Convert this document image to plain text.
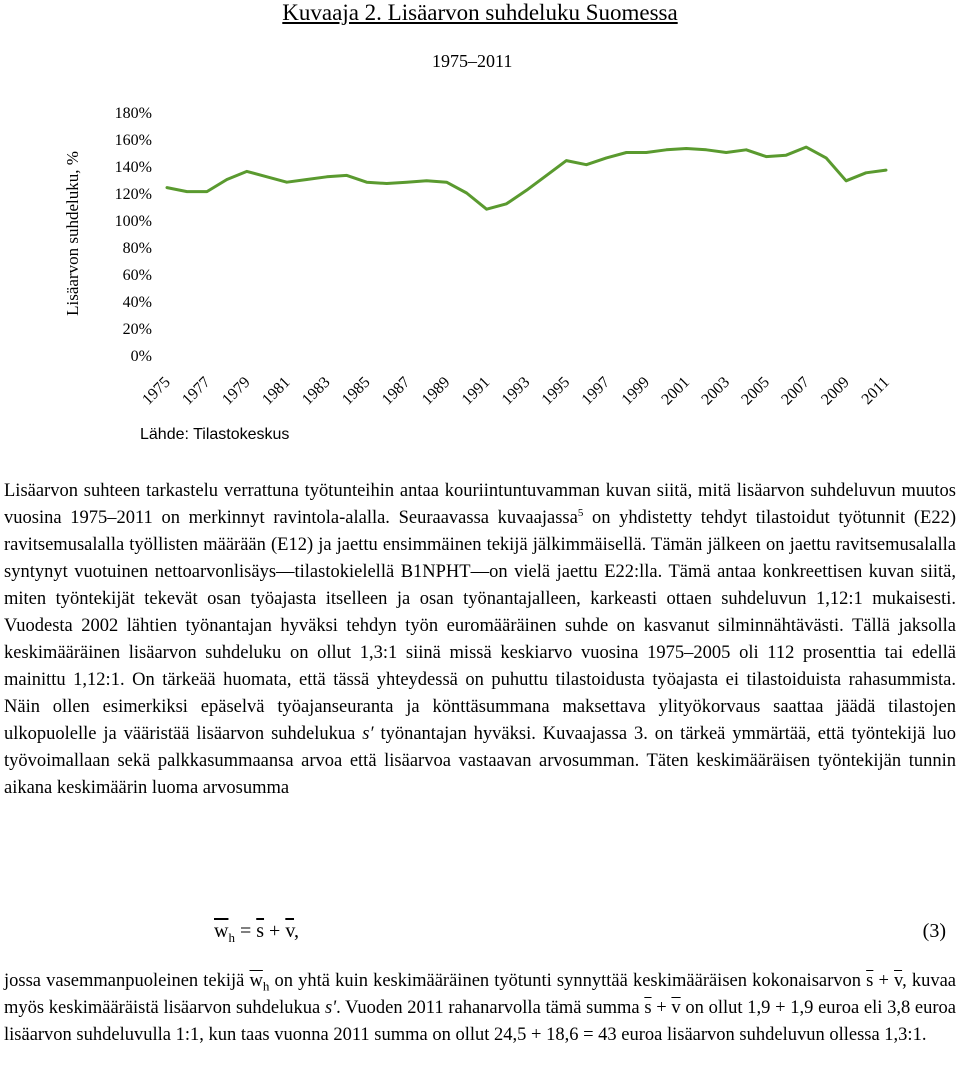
Kuvaaja 2. Lisäarvon suhdeluku Suomessa
1975–2011
0%
20%
40%
60%
80%
100%
120%
140%
160%
180%
Lisäarvon suhdeluku, %
1975 1977 1979 1981 1983 1985 1987 1989 1991 1993 1995 1997 1999 2001 2003 2005 2007 2009 2011
Lähde: Tilastokeskus

Lisäarvon suhteen tarkastelu verrattuna työtunteihin antaa kouriintuntuvamman kuvan siitä, mitä lisäarvon suhdeluvun muutos vuosina 1975–2011 on merkinnyt ravintola-alalla. Seuraavassa kuvaajassa$^5$ on yhdistetty tehdyt tilastoidut työtunnit (E22) ravitsemusalalla työllisten määrään (E12) ja jaettu ensimmäinen tekijä jälkimmäisellä. Tämän jälkeen on jaettu ravitsemusalalla syntynyt vuotuinen nettoarvonlisäys—tilastokielellä B1NPHT—on vielä jaettu E22:lla. Tämä antaa konkreettisen kuvan siitä, miten työntekijät tekevät osan työajasta itselleen ja osan työnantajalleen, karkeasti ottaen suhdeluvun 1,12:1 mukaisesti. Vuodesta 2002 lähtien työnantajan hyväksi tehdyn työn euromääräinen suhde on kasvanut silminnähtävästi. Tällä jaksolla keskimääräinen lisäarvon suhdeluku on ollut 1,3:1 siinä missä keskiarvo vuosina 1975–2005 oli 112 prosenttia tai edellä mainittu 1,12:1. On tärkeää huomata, että tässä yhteydessä on puhuttu tilastoidusta työajasta ei tilastoiduista rahasummista. Näin ollen esimerkiksi epäselvä työajanseuranta ja könttäsummana maksettava ylityökorvaus saattaa jäädä tilastojen ulkopuolelle ja vääristää lisäarvon suhdelukua s′ työnantajan hyväksi. Kuvaajassa 3. on tärkeä ymmärtää, että työntekijä luo työvoimallaan sekä palkkasummaansa arvoa että lisäarvoa vastaavan arvosumman. Täten keskimääräisen työntekijän tunnin aikana keskimäärin luoma arvosumma

$\overline{w}_h = \overline{s} + \overline{v}$,	(3)

jossa vasemmanpuoleinen tekijä $\overline{w}_h$ on yhtä kuin keskimääräinen työtunti synnyttää keskimääräisen kokonaisarvon $\overline{s} + \overline{v}$, kuvaa myös keskimääräistä lisäarvon suhdelukua s'. Vuoden 2011 rahanarvolla tämä summa $\overline{s} + \overline{v}$ on ollut 1,9 + 1,9 euroa eli 3,8 euroa lisäarvon suhdeluvulla 1:1, kun taas vuonna 2011 summa on ollut 24,5 + 18,6 = 43 euroa lisäarvon suhdeluvun ollessa 1,3:1.
